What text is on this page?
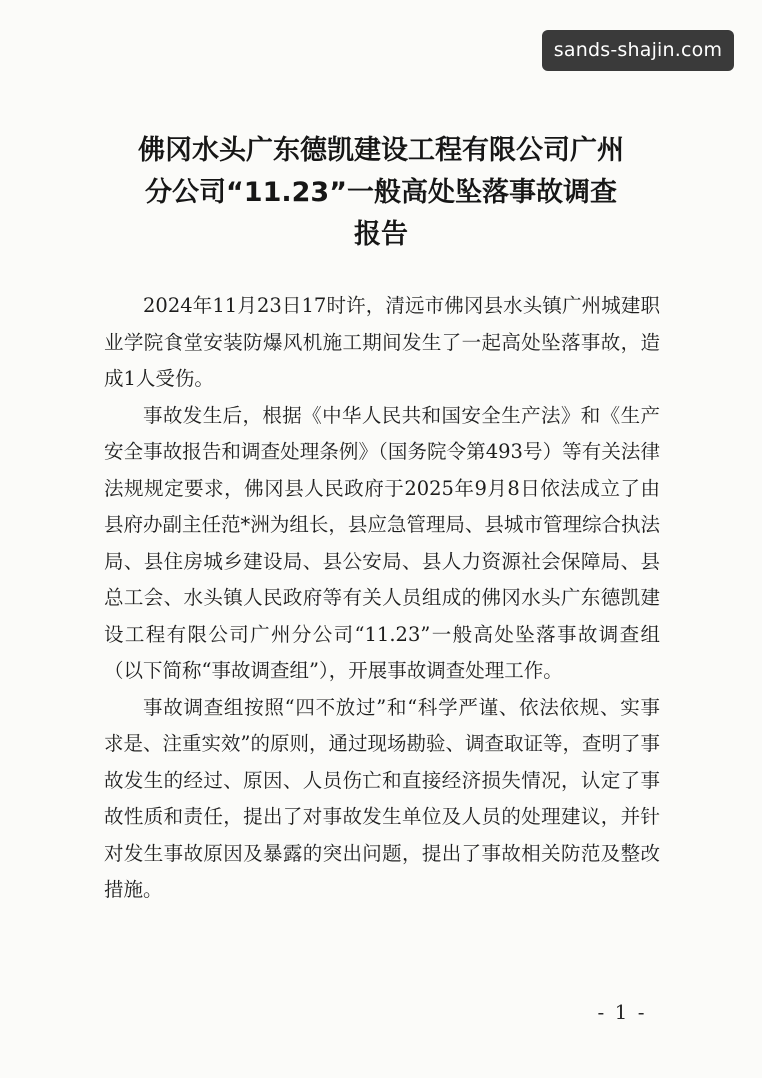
sands-shajin.com
佛冈水头广东德凯建设工程有限公司广州
分公司“11.23”一般高处坠落事故调查
报告

2024年11月23日17时许，清远市佛冈县水头镇广州城建职业学院食堂安装防爆风机施工期间发生了一起高处坠落事故，造成1人受伤。

事故发生后，根据《中华人民共和国安全生产法》和《生产安全事故报告和调查处理条例》（国务院令第493号）等有关法律法规规定要求，佛冈县人民政府于2025年9月8日依法成立了由县府办副主任范*洲为组长，县应急管理局、县城市管理综合执法局、县住房城乡建设局、县公安局、县人力资源社会保障局、县总工会、水头镇人民政府等有关人员组成的佛冈水头广东德凯建设工程有限公司广州分公司“11.23”一般高处坠落事故调查组（以下简称“事故调查组”），开展事故调查处理工作。

事故调查组按照“四不放过”和“科学严谨、依法依规、实事求是、注重实效”的原则，通过现场勘验、调查取证等，查明了事故发生的经过、原因、人员伤亡和直接经济损失情况，认定了事故性质和责任，提出了对事故发生单位及人员的处理建议，并针对发生事故原因及暴露的突出问题，提出了事故相关防范及整改措施。

- 1 -
